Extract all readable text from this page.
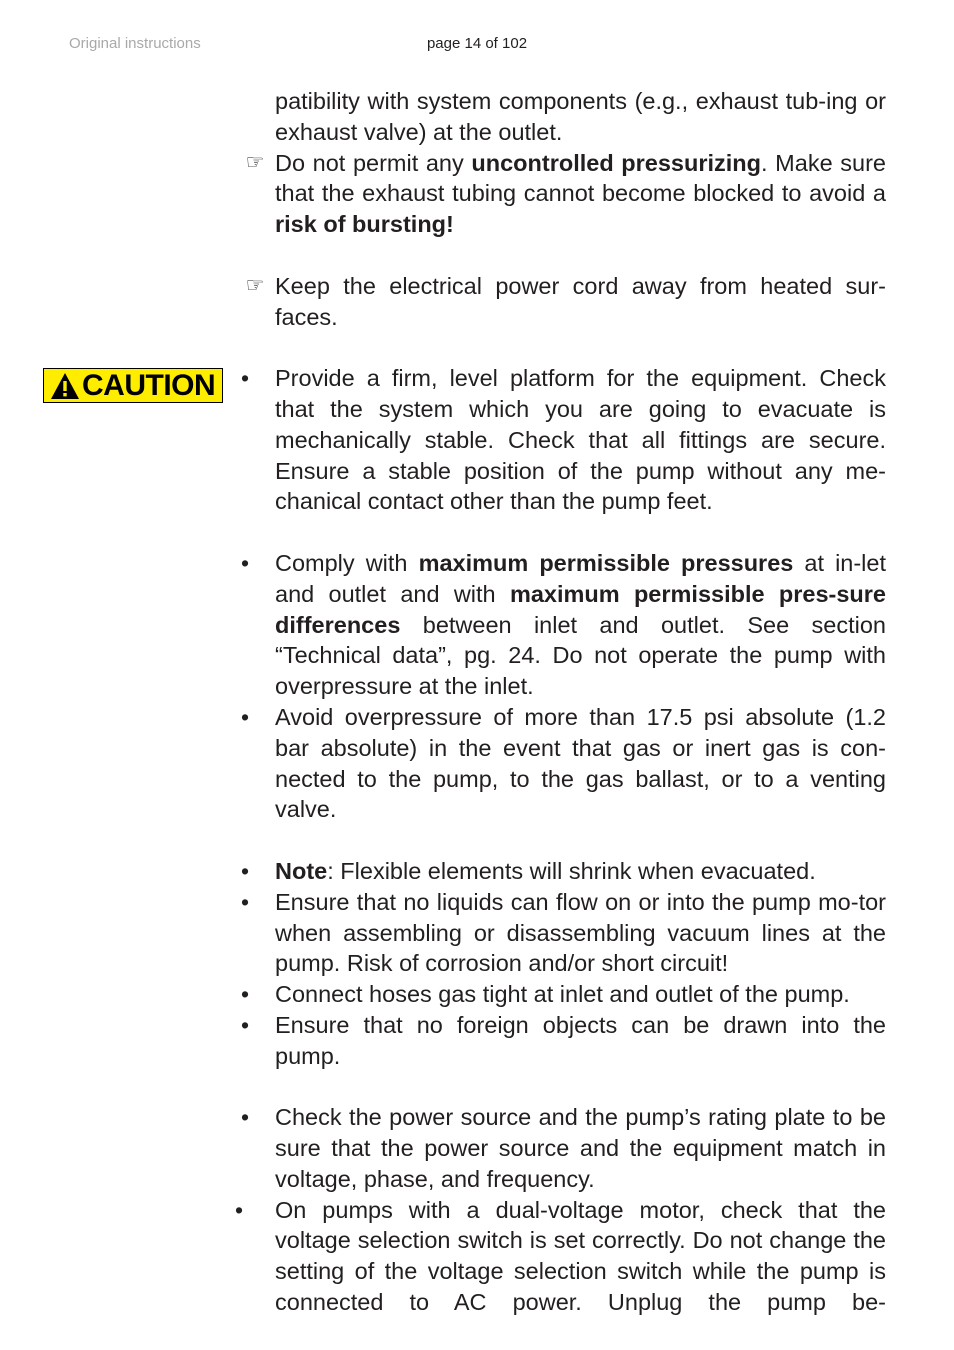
Original instructions	page 14 of 102
CAUTION

patibility with system components (e.g., exhaust tub-ing or exhaust valve) at the outlet.

☞ Do not permit any uncontrolled pressurizing. Make sure that the exhaust tubing cannot become blocked to avoid a risk of bursting!

☞ Keep the electrical power cord away from heated sur-faces.

• Provide a firm, level platform for the equipment. Check that the system which you are going to evacuate is mechanically stable. Check that all fittings are secure. Ensure a stable position of the pump without any me-chanical contact other than the pump feet.

• Comply with maximum permissible pressures at in-let and outlet and with maximum permissible pres-sure differences between inlet and outlet. See section “Technical data”, pg. 24. Do not operate the pump with overpressure at the inlet.

• Avoid overpressure of more than 17.5 psi absolute (1.2 bar absolute) in the event that gas or inert gas is con-nected to the pump, to the gas ballast, or to a venting valve.

• Note: Flexible elements will shrink when evacuated.

• Ensure that no liquids can flow on or into the pump mo-tor when assembling or disassembling vacuum lines at the pump. Risk of corrosion and/or short circuit!

• Connect hoses gas tight at inlet and outlet of the pump.

• Ensure that no foreign objects can be drawn into the pump.

• Check the power source and the pump’s rating plate to be sure that the power source and the equipment match in voltage, phase, and frequency.

•	On pumps with a dual-voltage motor, check that the voltage selection switch is set correctly. Do not change the setting of the voltage selection switch while the pump is connected to AC power. Unplug the pump be-
